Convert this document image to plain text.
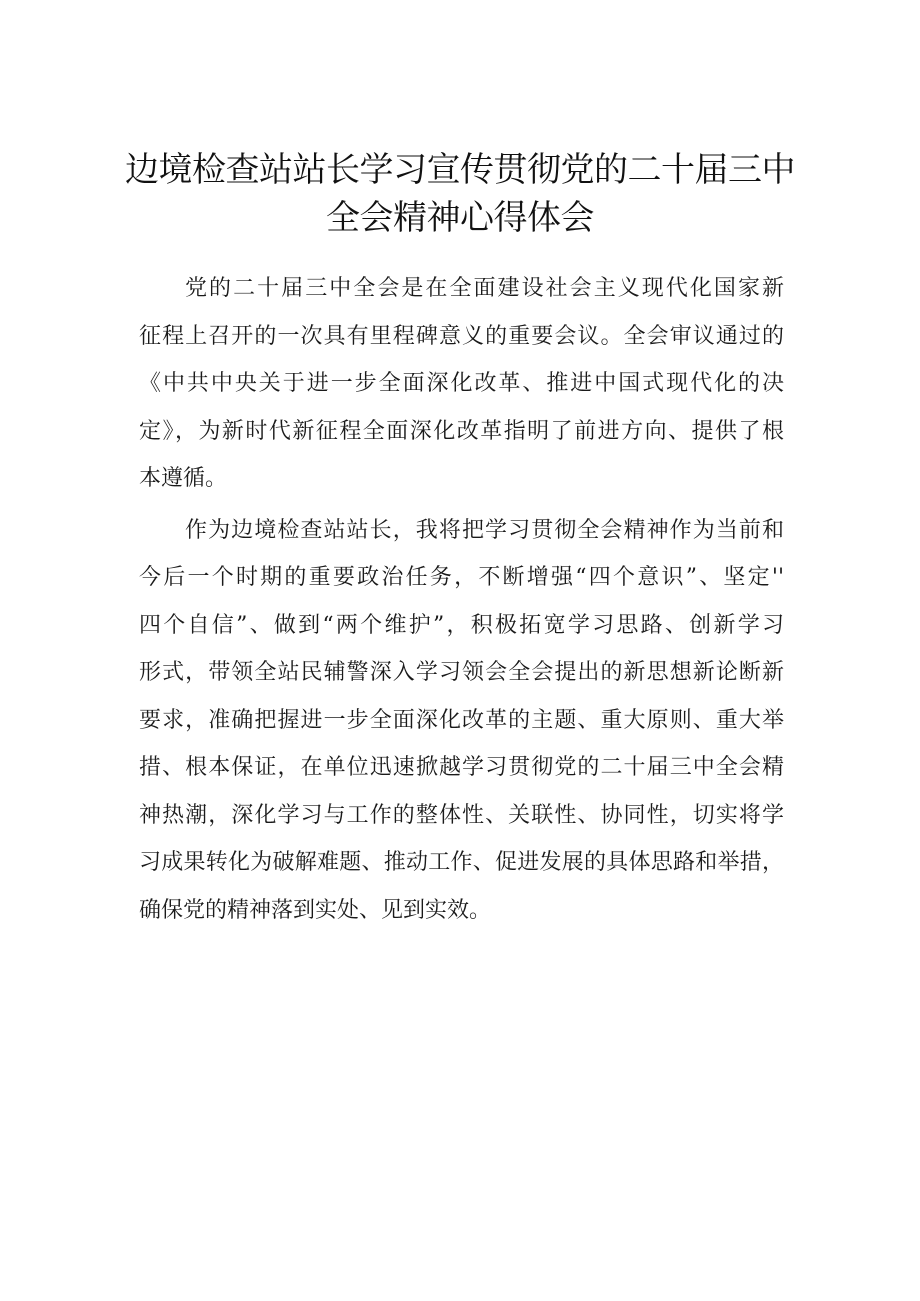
边境检查站站长学习宣传贯彻党的二十届三中
全会精神心得体会
党的二十届三中全会是在全面建设社会主义现代化国家新
征程上召开的一次具有里程碑意义的重要会议。全会审议通过的
《中共中央关于进一步全面深化改革、推进中国式现代化的决
定》，为新时代新征程全面深化改革指明了前进方向、提供了根
本遵循。
作为边境检查站站长，我将把学习贯彻全会精神作为当前和
今后一个时期的重要政治任务，不断增强“四个意识”、坚定''
四个自信”、做到“两个维护”，积极拓宽学习思路、创新学习
形式，带领全站民辅警深入学习领会全会提出的新思想新论断新
要求，准确把握进一步全面深化改革的主题、重大原则、重大举
措、根本保证，在单位迅速掀越学习贯彻党的二十届三中全会精
神热潮，深化学习与工作的整体性、关联性、协同性，切实将学
习成果转化为破解难题、推动工作、促进发展的具体思路和举措，
确保党的精神落到实处、见到实效。
